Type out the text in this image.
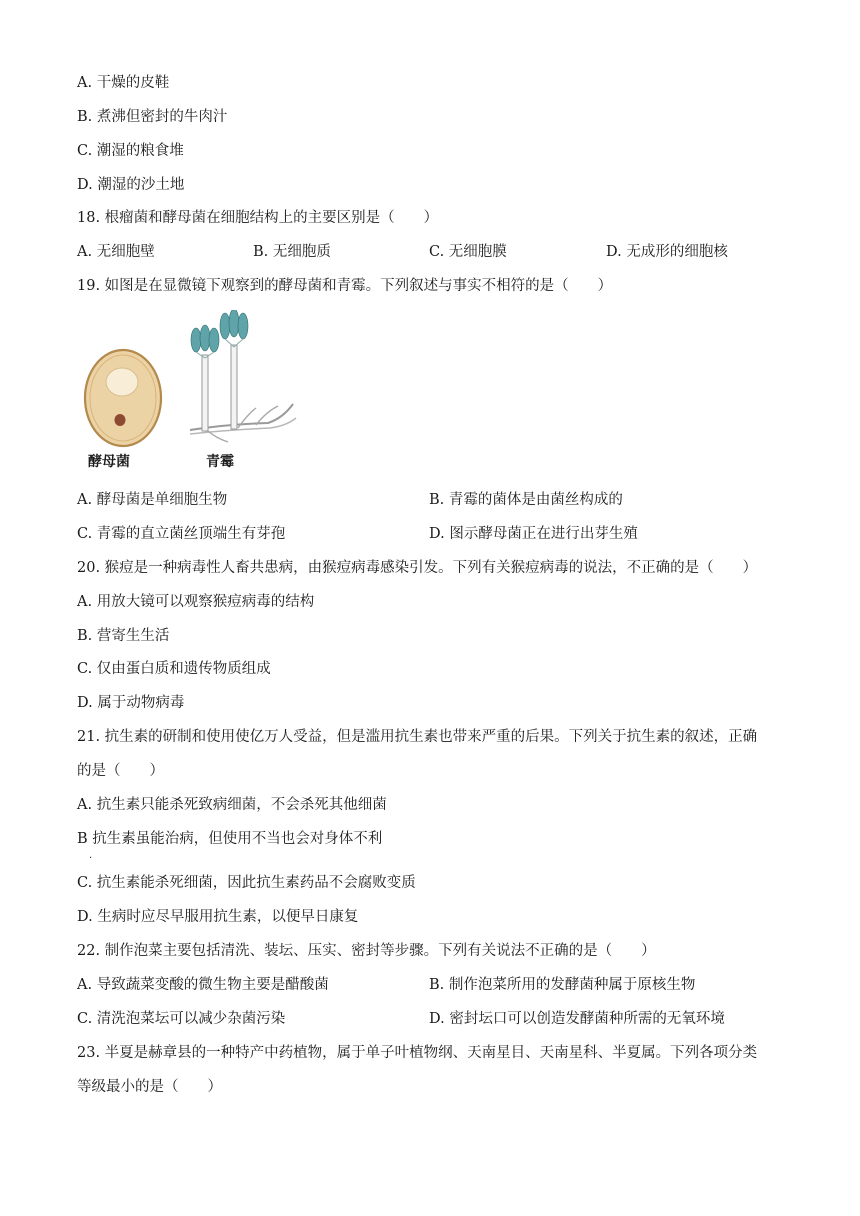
A. 干燥的皮鞋
B. 煮沸但密封的牛肉汁
C. 潮湿的粮食堆
D. 潮湿的沙土地
18. 根瘤菌和酵母菌在细胞结构上的主要区别是（　　）
A. 无细胞壁	B. 无细胞质	C. 无细胞膜	D. 无成形的细胞核
19. 如图是在显微镜下观察到的酵母菌和青霉。下列叙述与事实不相符的是（　　）
酵母菌	青霉
A. 酵母菌是单细胞生物	B. 青霉的菌体是由菌丝构成的
C. 青霉的直立菌丝顶端生有芽孢	D. 图示酵母菌正在进行出芽生殖
20. 猴痘是一种病毒性人畜共患病，由猴痘病毒感染引发。下列有关猴痘病毒的说法，不正确的是（　　）
A. 用放大镜可以观察猴痘病毒的结构
B. 营寄生生活
C. 仅由蛋白质和遗传物质组成
D. 属于动物病毒
21. 抗生素的研制和使用使亿万人受益，但是滥用抗生素也带来严重的后果。下列关于抗生素的叙述，正确
的是（　　）
A. 抗生素只能杀死致病细菌，不会杀死其他细菌
B 抗生素虽能治病，但使用不当也会对身体不利
.
C. 抗生素能杀死细菌，因此抗生素药品不会腐败变质
D. 生病时应尽早服用抗生素，以便早日康复
22. 制作泡菜主要包括清洗、装坛、压实、密封等步骤。下列有关说法不正确的是（　　）
A. 导致蔬菜变酸的微生物主要是醋酸菌	B. 制作泡菜所用的发酵菌种属于原核生物
C. 清洗泡菜坛可以减少杂菌污染	D. 密封坛口可以创造发酵菌种所需的无氧环境
23. 半夏是赫章县的一种特产中药植物，属于单子叶植物纲、天南星目、天南星科、半夏属。下列各项分类
等级最小的是（　　）
